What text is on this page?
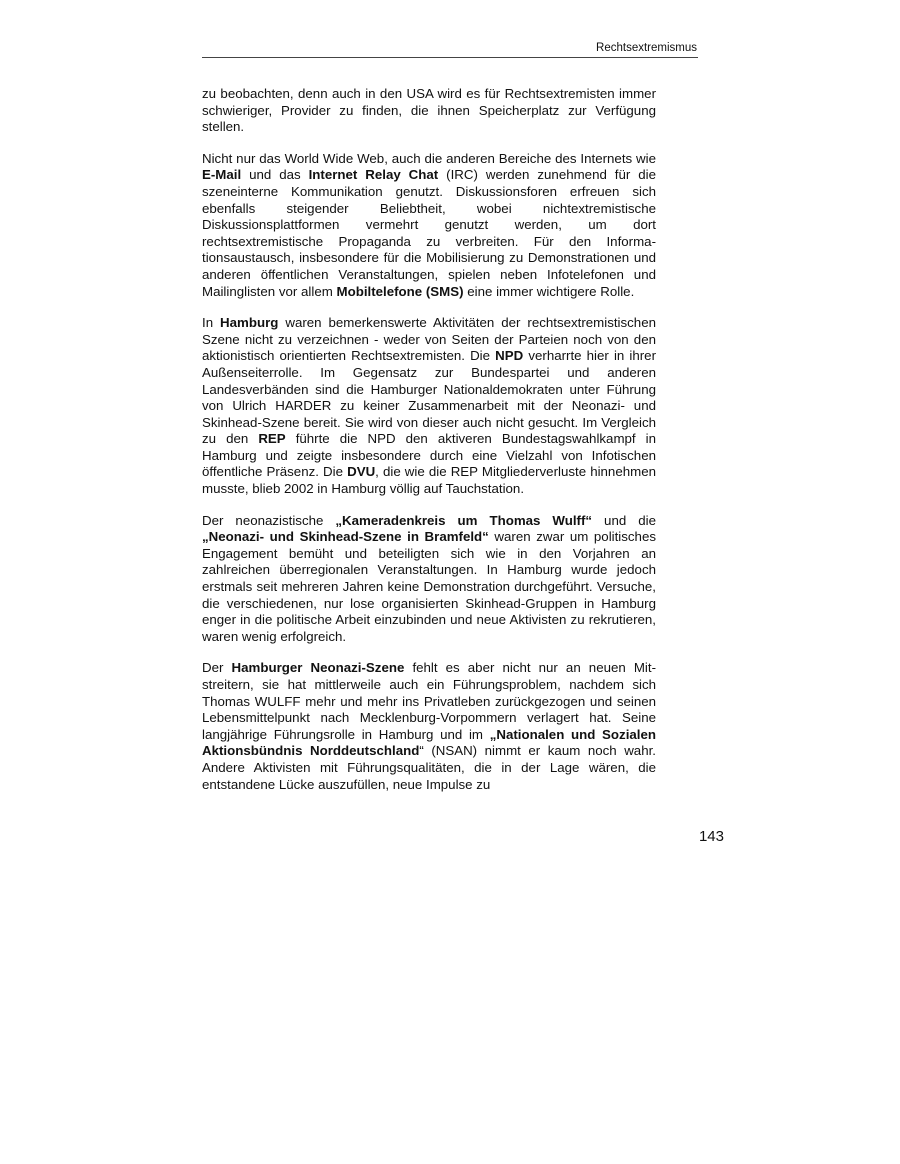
Rechtsextremismus

zu beobachten, denn auch in den USA wird es für Rechtsextremisten immer schwieriger, Provider zu finden, die ihnen Speicherplatz zur Verfügung stellen.

Nicht nur das World Wide Web, auch die anderen Bereiche des Internets wie E-Mail und das Internet Relay Chat (IRC) werden zunehmend für die szeneinterne Kommunikation genutzt. Diskussionsforen erfreuen sich ebenfalls steigender Beliebtheit, wobei nichtextremistische Diskussionsplattformen vermehrt genutzt werden, um dort rechtsextremistische Propaganda zu verbreiten. Für den Informationsaustausch, insbesondere für die Mobilisierung zu Demonstrationen und anderen öffentlichen Veranstaltungen, spielen neben Infotelefonen und Mailinglisten vor allem Mobiltelefone (SMS) eine immer wichtigere Rolle.

In Hamburg waren bemerkenswerte Aktivitäten der rechtsextremistischen Szene nicht zu verzeichnen - weder von Seiten der Parteien noch von den aktionistisch orientierten Rechtsextremisten. Die NPD verharrte hier in ihrer Außenseiterrolle. Im Gegensatz zur Bundespartei und anderen Landesverbänden sind die Hamburger Nationaldemokraten unter Führung von Ulrich HARDER zu keiner Zusammenarbeit mit der Neonazi- und Skinhead-Szene bereit. Sie wird von dieser auch nicht gesucht. Im Vergleich zu den REP führte die NPD den aktiveren Bundestagswahlkampf in Hamburg und zeigte insbesondere durch eine Vielzahl von Infotischen öffentliche Präsenz. Die DVU, die wie die REP Mitgliederverluste hinnehmen musste, blieb 2002 in Hamburg völlig auf Tauchstation.

Der neonazistische „Kameradenkreis um Thomas Wulff“ und die „Neonazi- und Skinhead-Szene in Bramfeld“ waren zwar um politisches Engagement bemüht und beteiligten sich wie in den Vorjahren an zahlreichen überregionalen Veranstaltungen. In Hamburg wurde jedoch erstmals seit mehreren Jahren keine Demonstration durchgeführt. Versuche, die verschiedenen, nur lose organisierten Skinhead-Gruppen in Hamburg enger in die politische Arbeit einzubinden und neue Aktivisten zu rekrutieren, waren wenig erfolgreich.

Der Hamburger Neonazi-Szene fehlt es aber nicht nur an neuen Mitstreitern, sie hat mittlerweile auch ein Führungsproblem, nachdem sich Thomas WULFF mehr und mehr ins Privatleben zurückgezogen und seinen Lebensmittelpunkt nach Mecklenburg-Vorpommern verlagert hat. Seine langjährige Führungsrolle in Hamburg und im „Nationalen und Sozialen Aktionsbündnis Norddeutschland“ (NSAN) nimmt er kaum noch wahr. Andere Aktivisten mit Führungsqualitäten, die in der Lage wären, die entstandene Lücke auszufüllen, neue Impulse zu

143
